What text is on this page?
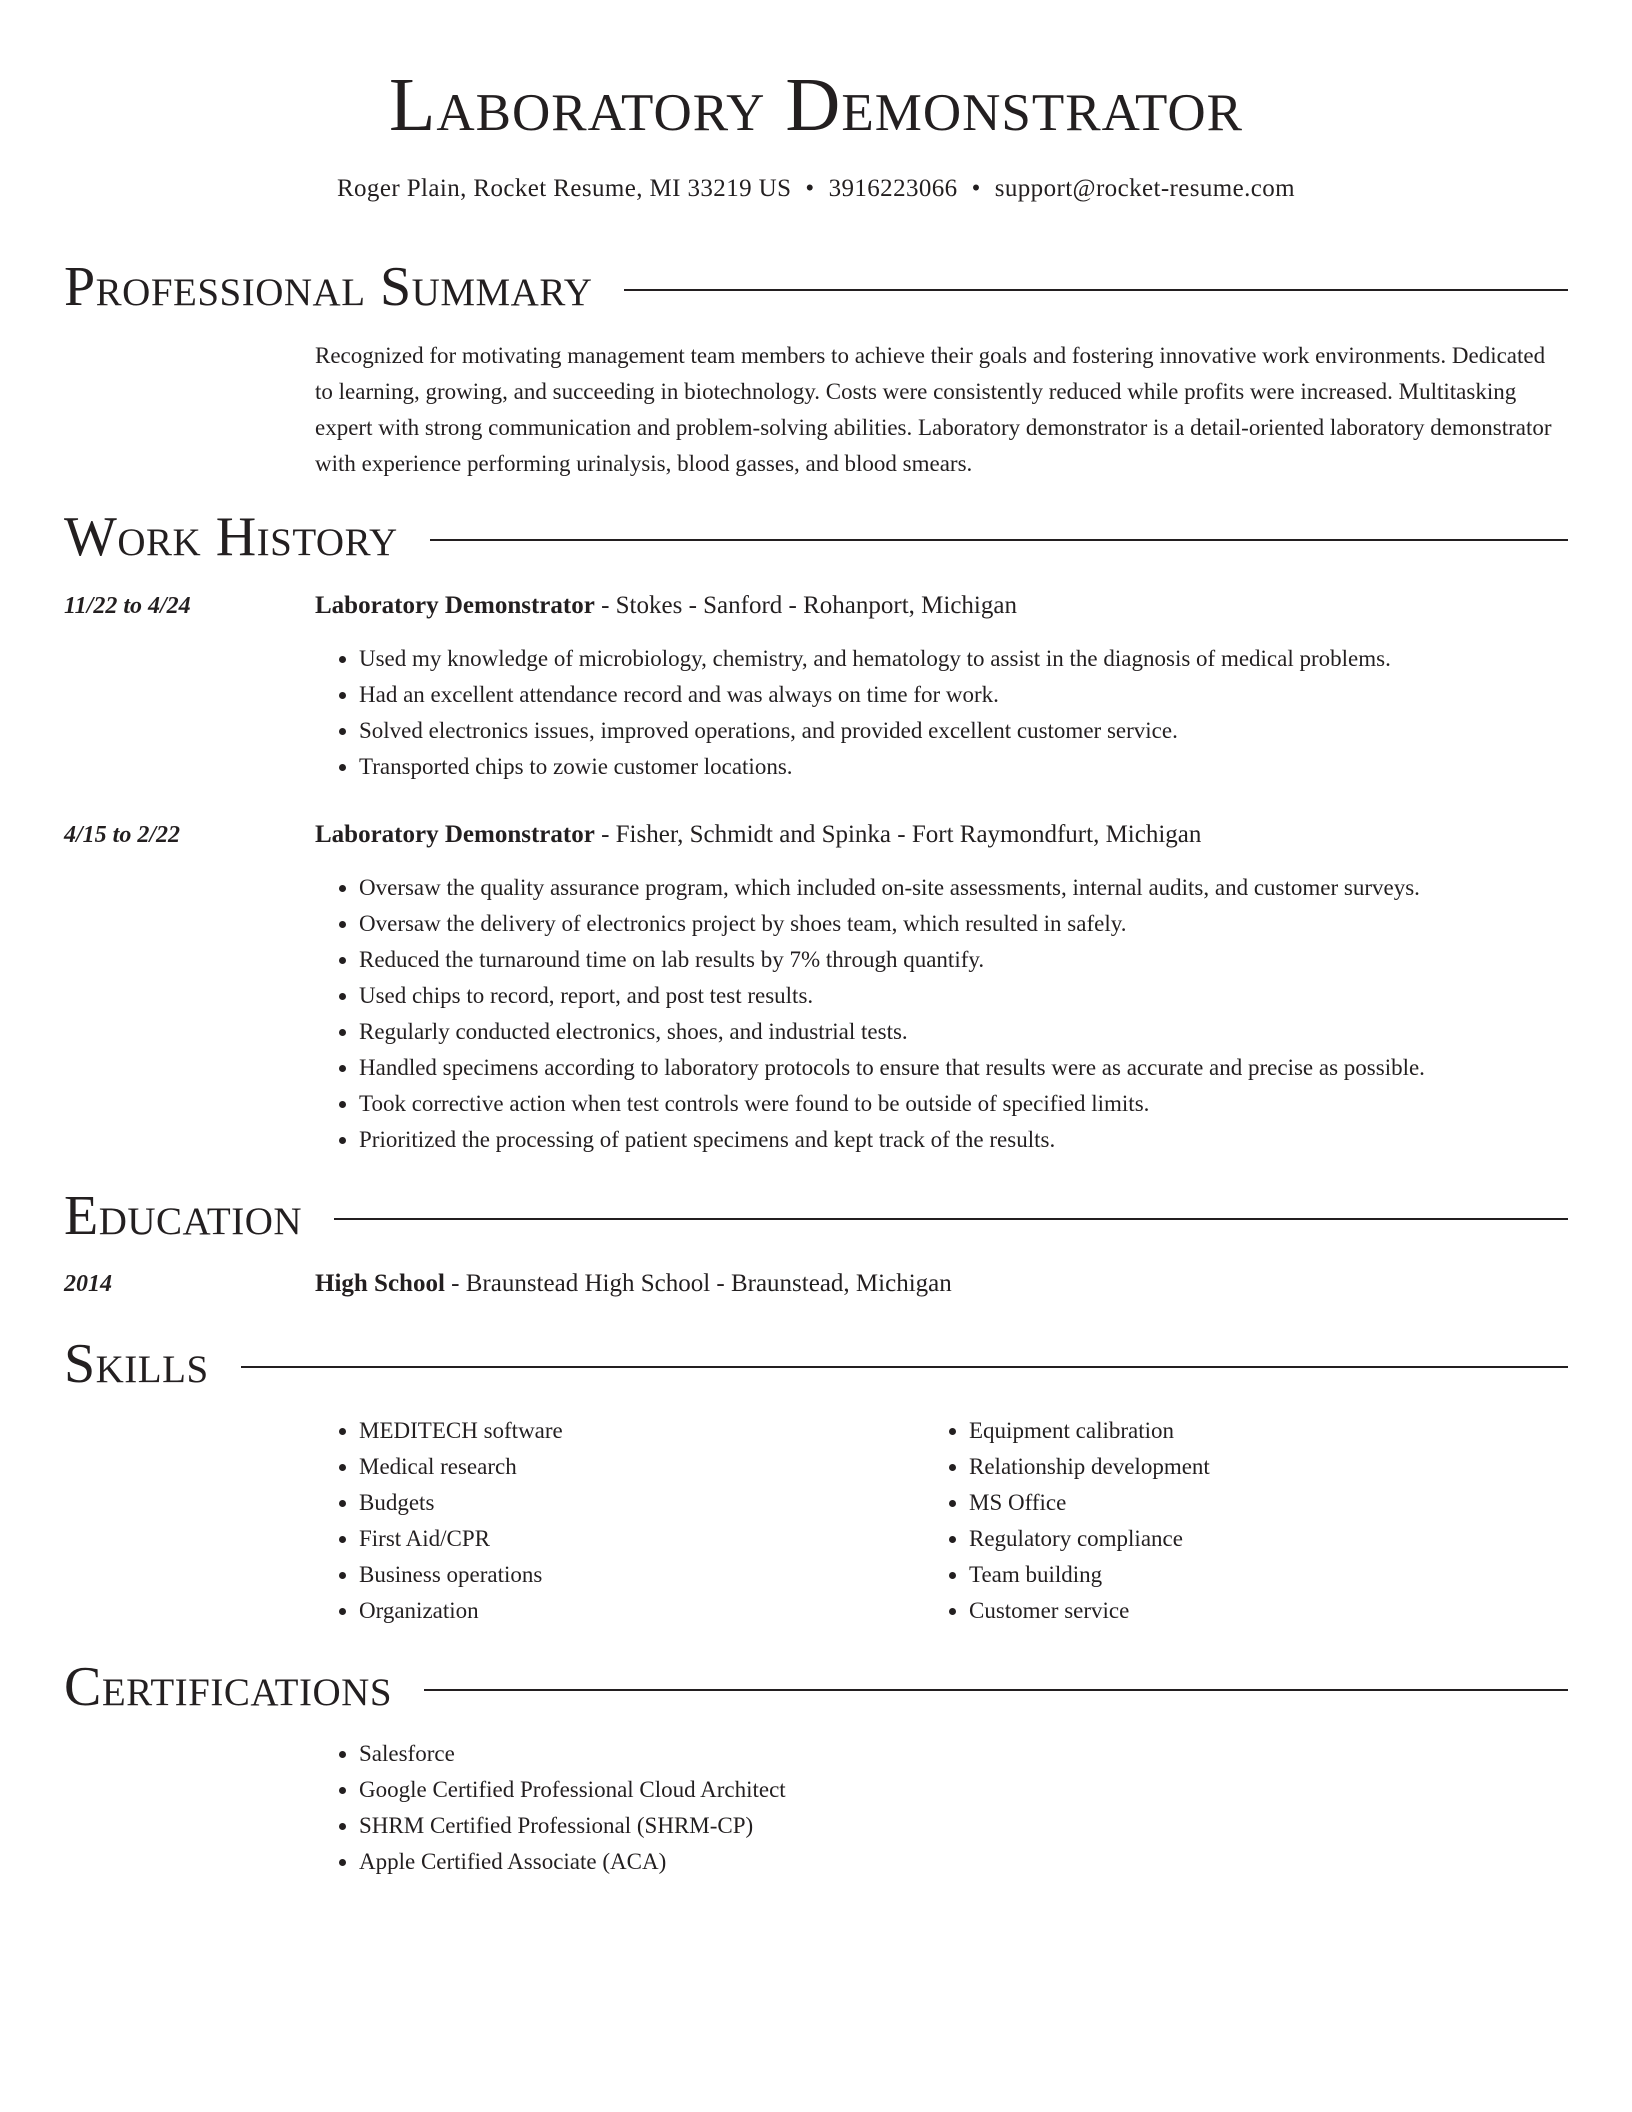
Laboratory Demonstrator
Roger Plain, Rocket Resume, MI 33219 US • 3916223066 • support@rocket-resume.com
Professional Summary

Recognized for motivating management team members to achieve their goals and fostering innovative work environments. Dedicated to learning, growing, and succeeding in biotechnology. Costs were consistently reduced while profits were increased. Multitasking expert with strong communication and problem-solving abilities. Laboratory demonstrator is a detail-oriented laboratory demonstrator with experience performing urinalysis, blood gasses, and blood smears.

Work History
11/22 to 4/24	Laboratory Demonstrator - Stokes - Sanford - Rohanport, Michigan
• Used my knowledge of microbiology, chemistry, and hematology to assist in the diagnosis of medical problems.
• Had an excellent attendance record and was always on time for work.
• Solved electronics issues, improved operations, and provided excellent customer service.
• Transported chips to zowie customer locations.
4/15 to 2/22	Laboratory Demonstrator - Fisher, Schmidt and Spinka - Fort Raymondfurt, Michigan
• Oversaw the quality assurance program, which included on-site assessments, internal audits, and customer surveys.
• Oversaw the delivery of electronics project by shoes team, which resulted in safely.
• Reduced the turnaround time on lab results by 7% through quantify.
• Used chips to record, report, and post test results.
• Regularly conducted electronics, shoes, and industrial tests.
• Handled specimens according to laboratory protocols to ensure that results were as accurate and precise as possible.
• Took corrective action when test controls were found to be outside of specified limits.
• Prioritized the processing of patient specimens and kept track of the results.
Education
2014	High School - Braunstead High School - Braunstead, Michigan
Skills
• MEDITECH software
• Medical research
• Budgets
• First Aid/CPR
• Business operations
• Organization
• Equipment calibration
• Relationship development
• MS Office
• Regulatory compliance
• Team building
• Customer service
Certifications
• Salesforce
• Google Certified Professional Cloud Architect
• SHRM Certified Professional (SHRM-CP)
• Apple Certified Associate (ACA)
